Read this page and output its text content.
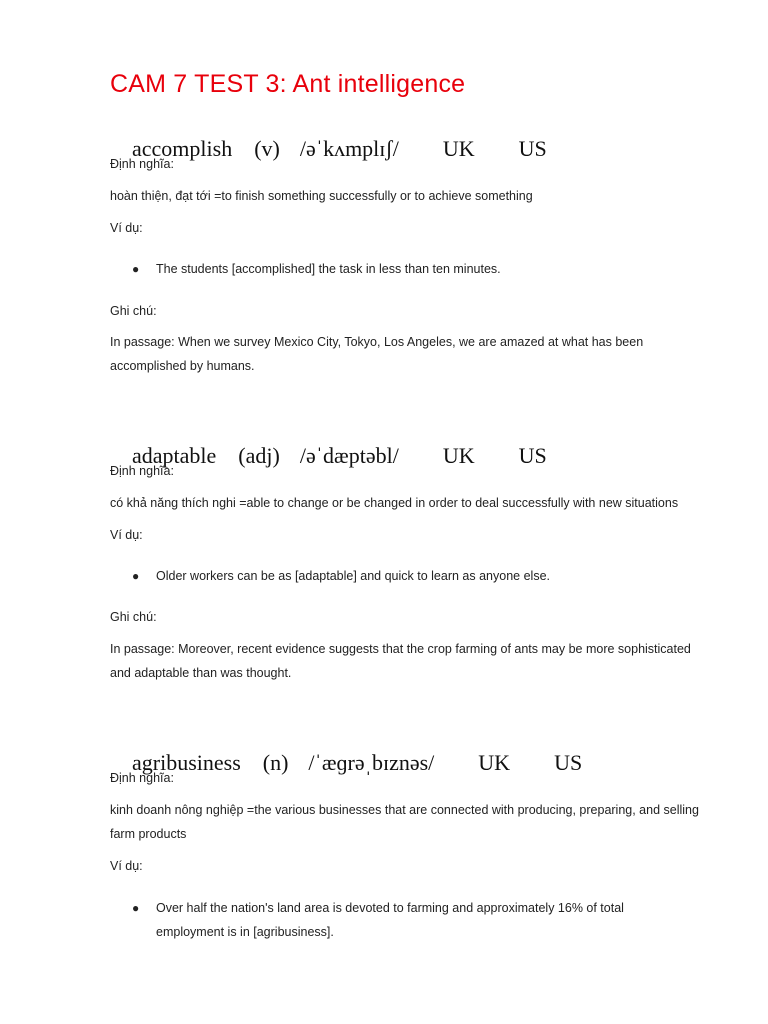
CAM 7 TEST 3: Ant intelligence

accomplish (v) /əˈkʌmplɪʃ/ UK US

Định nghĩa:
hoàn thiện, đạt tới =to finish something successfully or to achieve something
Ví dụ:
● The students [accomplished] the task in less than ten minutes.
Ghi chú:
In passage: When we survey Mexico City, Tokyo, Los Angeles, we are amazed at what has been accomplished by humans.

adaptable (adj) /əˈdæptəbl/ UK US

Định nghĩa:
có khả năng thích nghi =able to change or be changed in order to deal successfully with new situations
Ví dụ:
● Older workers can be as [adaptable] and quick to learn as anyone else.
Ghi chú:
In passage: Moreover, recent evidence suggests that the crop farming of ants may be more sophisticated and adaptable than was thought.

agribusiness (n) /ˈæɡrəˌbɪznəs/ UK US

Định nghĩa:
kinh doanh nông nghiệp =the various businesses that are connected with producing, preparing, and selling farm products
Ví dụ:
● Over half the nation's land area is devoted to farming and approximately 16% of total employment is in [agribusiness].
